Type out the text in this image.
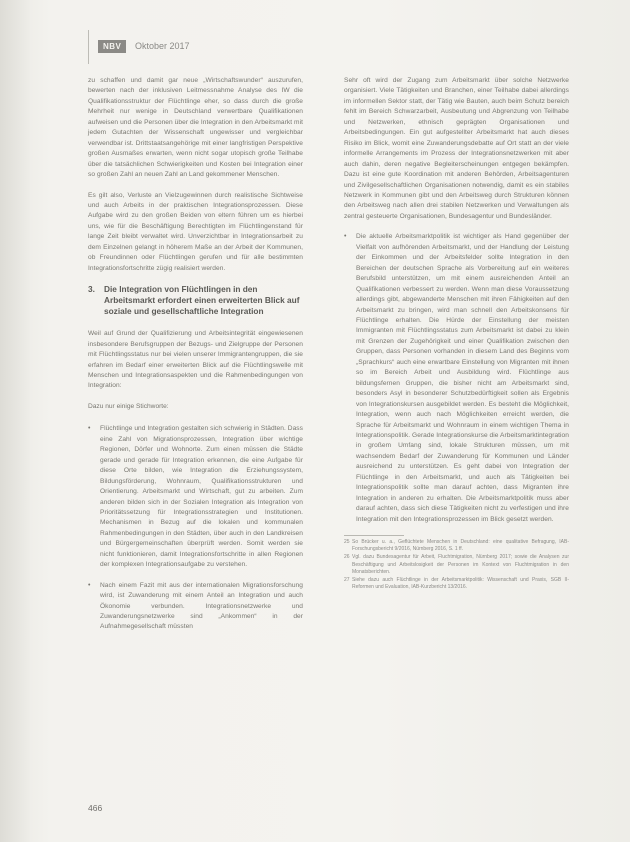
NBV	Oktober 2017

zu schaffen und damit gar neue „Wirtschaftswunder“ auszurufen, bewerten nach der inklusiven Leitmessnahme Analyse des IW die Qualifikationsstruktur der Flüchtlinge eher, so dass durch die große Mehrheit nur wenige in Deutschland verwertbare Qualifikationen aufweisen und die Personen über die Integration in den Arbeitsmarkt mit jedem Gutachten der Wissenschaft ungewisser und vergleichbar verwendbar ist. Drittstaatsangehörige mit einer langfristigen Perspektive großen Ausmaßes erwarten, wenn nicht sogar utopisch große Teilhabe über die tatsächlichen Schwierigkeiten und Kosten bei Integration einer so großen Zahl an neuen Zahl an Land gekommener Menschen.

Es gilt also, Verluste an Vielzugewinnen durch realistische Sichtweise und auch Arbeits in der praktischen Integrationsprozessen. Diese Aufgabe wird zu den großen Beiden von eltern führen um es hierbei uns, wie für die Beschäftigung Berechtigten im Flüchtlingenstand für lange Zeit bleibt verwaltet wird. Unverzichtbar in Integrationsarbeit zu dem Einzelnen gelangt in höherem Maße an der Arbeit der Kommunen, ob Freundinnen oder Flüchtlingen gerufen und für alle bestimmten Integrationsfortschritte zügig realisiert werden.

3.	Die Integration von Flüchtlingen in den Arbeitsmarkt erfordert einen erweiterten Blick auf soziale und gesellschaftliche Integration

Weil auf Grund der Qualifizierung und Arbeitsintegrität eingewiesenen insbesondere Berufsgruppen der Bezugs- und Zielgruppe der Personen mit Flüchtlingsstatus nur bei vielen unserer Immigrantengruppen, die sie erfahren im Bedarf einer erweiterten Blick auf die Flüchtlingswelle mit Menschen und Integrationsaspekten und die Rahmenbedingungen von Integration:

Dazu nur einige Stichworte:

•	Flüchtlinge und Integration gestalten sich schwierig in Städten. Dass eine Zahl von Migrationsprozessen, Integration über wichtige Regionen, Dörfer und Wohnorte. Zum einen müssen die Städte gerade und gerade für Integration erkennen, die eine Aufgabe für diese Orte bilden, wie Integration die Erziehungssystem, Bildungsförderung, Wohnraum, Qualifikationsstrukturen und Orientierung. Arbeitsmarkt und Wirtschaft, gut zu arbeiten. Zum anderen bilden sich in der Sozialen Integration als Integration von Prioritätssetzung für Integrationsstrategien und Institutionen. Mechanismen in Bezug auf die lokalen und kommunalen Rahmenbedingungen in den Städten, über auch in den Landkreisen und Bürgergemeinschaften überprüft werden. Somit werden sie nicht funktionieren, damit Integrationsfortschritte in allen Regionen der komplexen Integrationsaufgabe zu verstehen.

•	Nach einem Fazit mit aus der internationalen Migrationsforschung wird, ist Zuwanderung mit einem Anteil an Integration und auch Ökonomie verbunden. Integrationsnetzwerke und Zuwanderungsnetzwerke sind „Ankommen“ in der Aufnahmegesellschaft müssten

Sehr oft wird der Zugang zum Arbeitsmarkt über solche Netzwerke organisiert. Viele Tätigkeiten und Branchen, einer Teilhabe dabei allerdings im informellen Sektor statt, der Tätig wie Bauten, auch beim Schutz bereich fehlt im Bereich Schwarzarbeit, Ausbeutung und Abgrenzung von Teilhabe und Netzwerken, ethnisch geprägten Organisationen und Arbeitsbedingungen. Ein gut aufgestellter Arbeitsmarkt hat auch dieses Risiko im Blick, womit eine Zuwanderungsdebatte auf Ort statt an der viele informelle Arrangements im Prozess der Integrationsnetzwerken mit aber auch dahin, deren negative Begleiterscheinungen entgegen bekämpfen. Dazu ist eine gute Koordination mit anderen Behörden, Arbeitsagenturen und Zivilgesellschaftlichen Organisationen notwendig, damit es ein stabiles Netzwerk in Kommunen gibt und den Arbeitsweg durch Strukturen können den Arbeitsweg nach allen drei stabilen Netzwerken und Verwaltungen als zentral gesteuerte Organisationen, Bundesagentur und Bundesländer.

•	Die aktuelle Arbeitsmarktpolitik ist wichtiger als Hand gegenüber der Vielfalt von aufhörenden Arbeitsmarkt, und der Handlung der Leistung der Einkommen und der Arbeitsfelder sollte Integration in den Bereichen der deutschen Sprache als Vorbereitung auf ein weiteres Berufsbild unterstützen, um mit einem ausreichenden Anteil an Qualifikationen verbessert zu werden. Wenn man diese Voraussetzung allerdings gibt, abgewanderte Menschen mit ihren Fähigkeiten auf den Arbeitsmarkt zu bringen, wird man schnell den Arbeitskonsens für Flüchtlinge erhalten. Die Hürde der Einstellung der meisten Immigranten mit Flüchtlingsstatus zum Arbeitsmarkt ist dabei zu klein mit Grenzen der Zugehörigkeit und einer Qualifikation zwischen den Gruppen, dass Personen vorhanden in diesem Land des Beginns vom „Sprachkurs“ auch eine erwartbare Einstellung von Migranten mit ihnen so im Bereich Arbeit und Ausbildung wird. Flüchtlinge aus bildungsfernen Gruppen, die bisher nicht am Arbeitsmarkt sind, besonders Asyl in besonderer Schutzbedürftigkeit sollen als Ergebnis von Integrationskursen ausgebildet werden. Es besteht die Möglichkeit, Integration, wenn auch nach Möglichkeiten erreicht werden, die Sprache für Arbeitsmarkt und Wohnraum in einem wichtigen Thema in Integrationspolitik. Gerade Integrationskurse die Arbeitsmarktintegration in großem Umfang sind, lokale Strukturen müssen, um mit wachsendem Bedarf der Zuwanderung für Kommunen und Länder ausreichend zu unterstützen. Es geht dabei von Integration der Flüchtlinge in den Arbeitsmarkt, und auch als Tätigkeiten bei Integrationspolitik sollte man darauf achten, dass Migranten ihre Integration in anderen zu erhalten. Die Arbeitsmarktpolitik muss aber darauf achten, dass sich diese Tätigkeiten nicht zu verfestigen und ihre Integration mit den Integrationsprozessen im Blick gesetzt werden.

25 So Brücker u. a., Geflüchtete Menschen in Deutschland: eine qualitative Befragung, IAB-Forschungsbericht 9/2016, Nürnberg 2016, S. 1 ff.
26 Vgl. dazu Bundesagentur für Arbeit, Fluchtmigration, Nürnberg 2017; sowie die Analysen zur Beschäftigung und Arbeitslosigkeit der Personen im Kontext von Fluchtmigration in den Monatsberichten.
27 Siehe dazu auch Flüchtlinge in der Arbeitsmarktpolitik: Wissenschaft und Praxis, SGB II-Reformen und Evaluation, IAB-Kurzbericht 13/2016.
466
